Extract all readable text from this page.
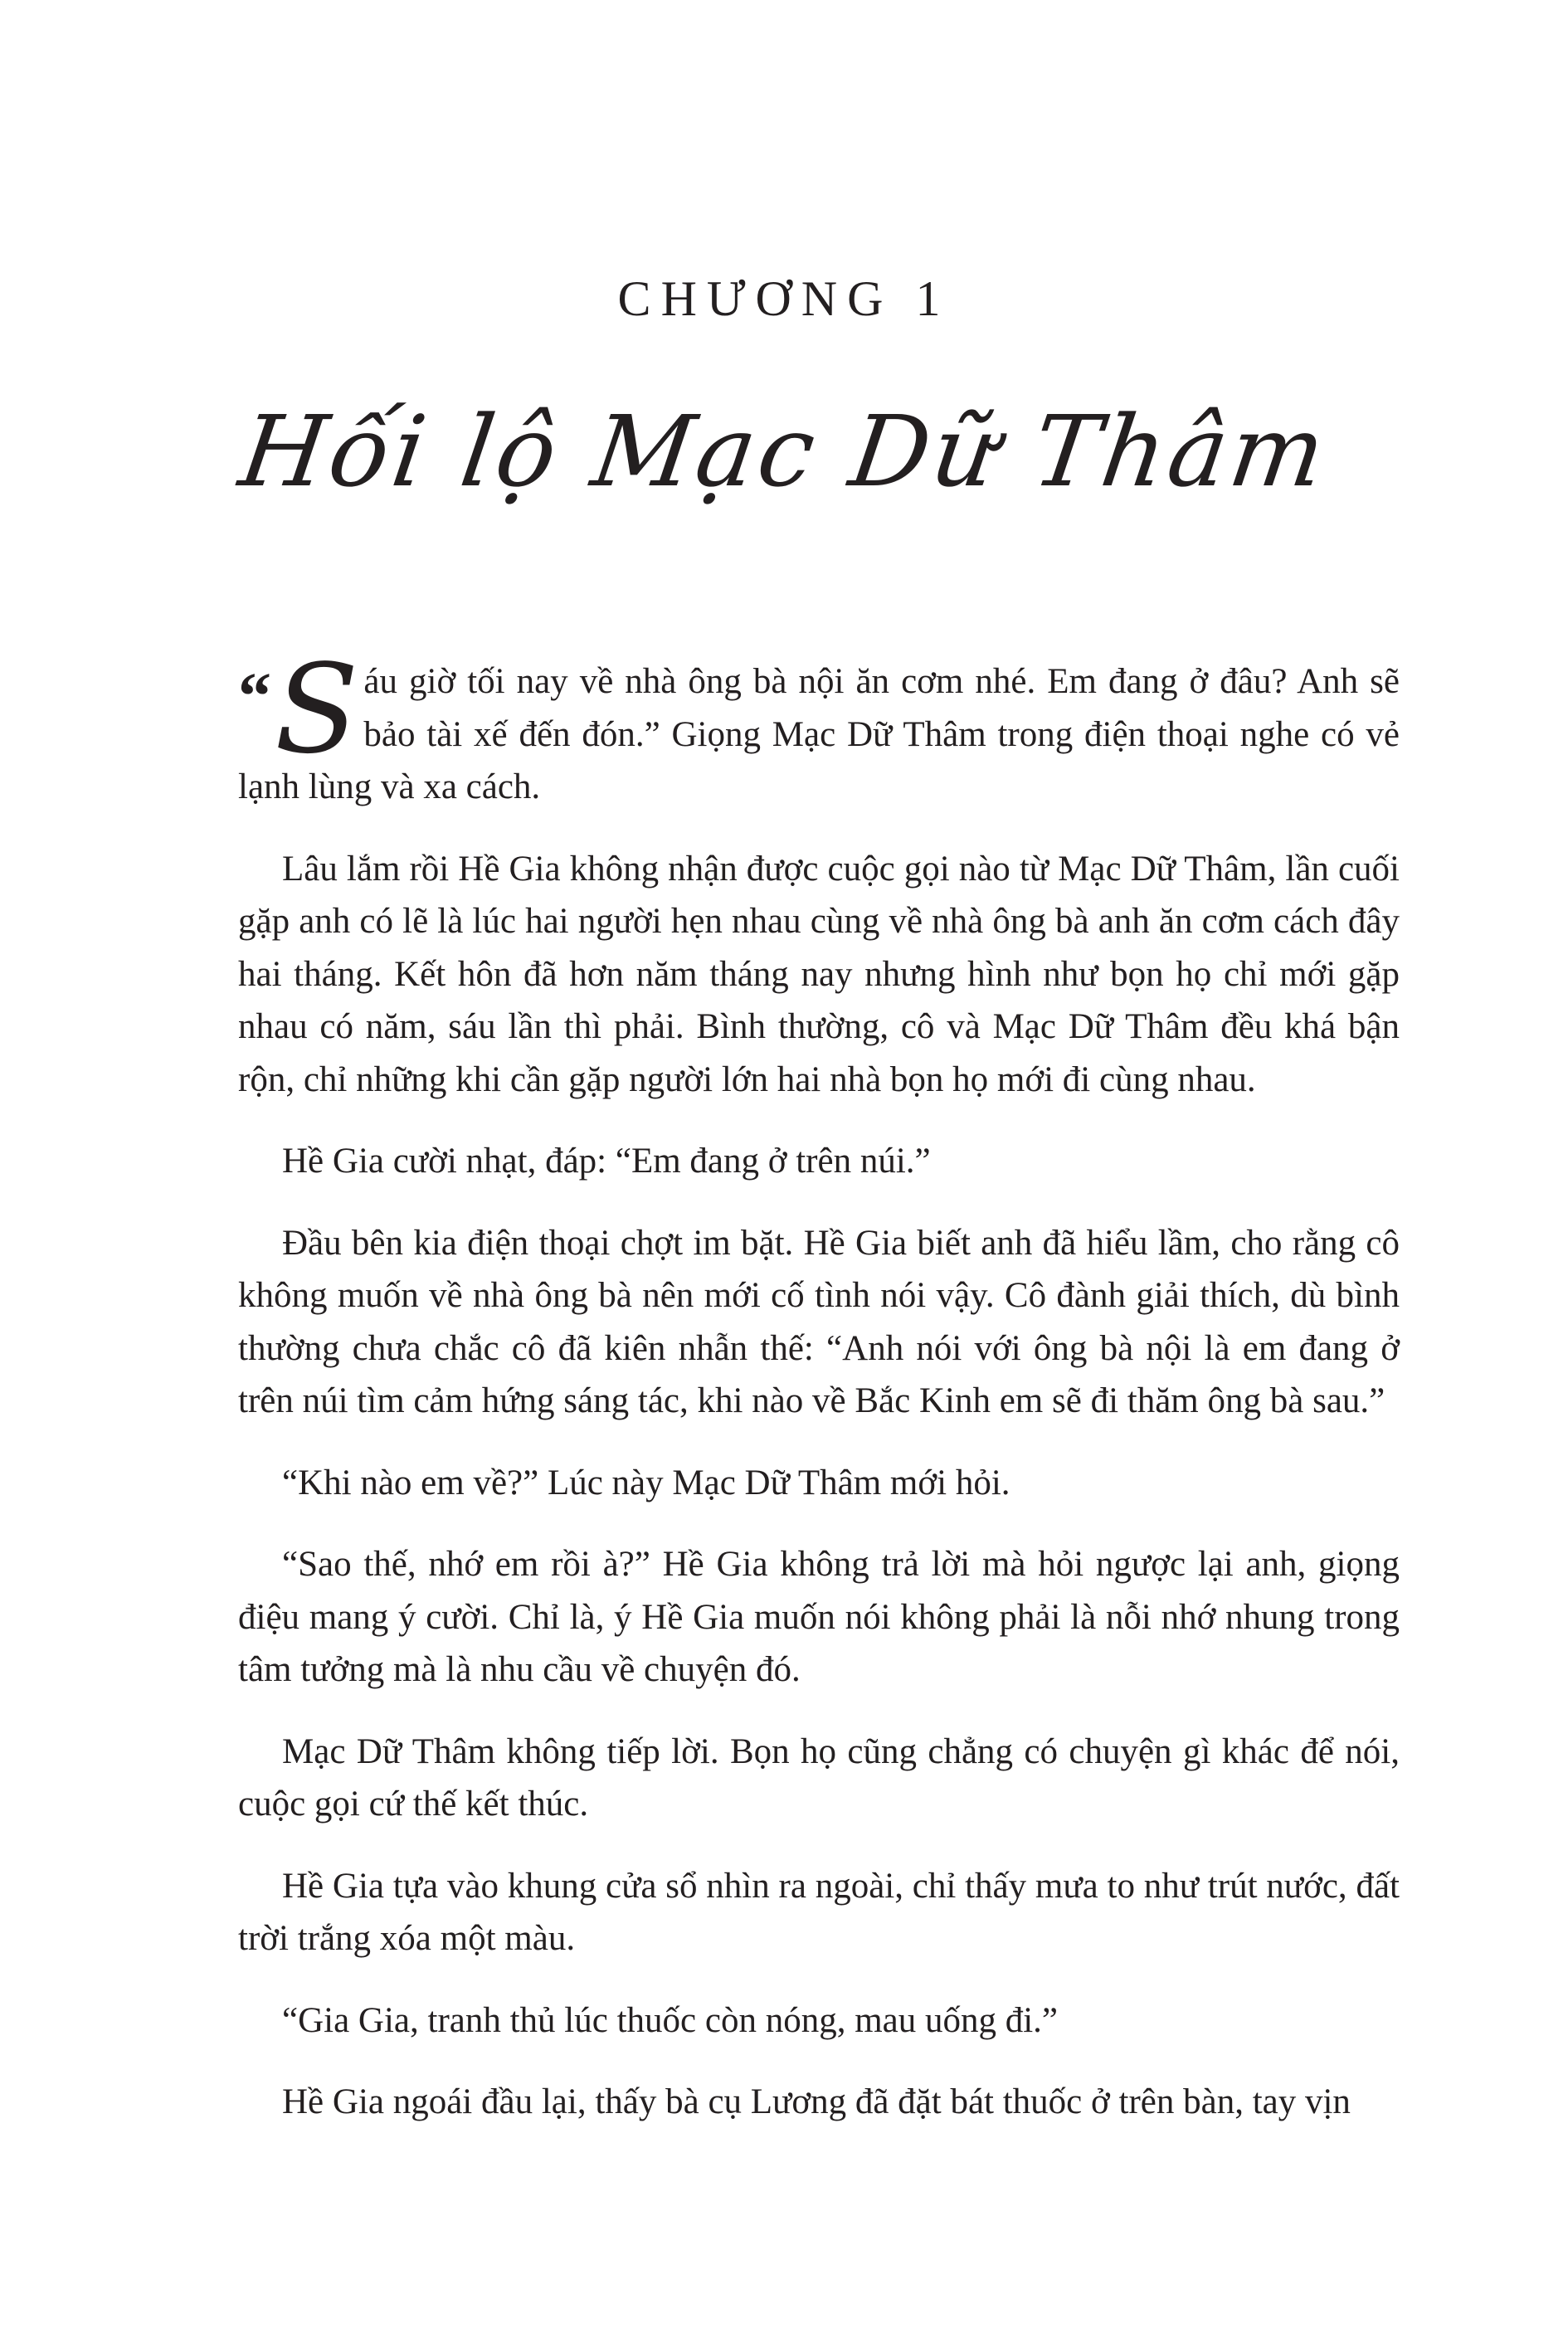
CHƯƠNG 1
Hối lộ Mạc Dữ Thâm

“ S áu giờ tối nay về nhà ông bà nội ăn cơm nhé. Em đang ở đâu? Anh sẽ bảo tài xế đến đón.” Giọng Mạc Dữ Thâm trong điện thoại nghe có vẻ lạnh lùng và xa cách.

Lâu lắm rồi Hề Gia không nhận được cuộc gọi nào từ Mạc Dữ Thâm, lần cuối gặp anh có lẽ là lúc hai người hẹn nhau cùng về nhà ông bà anh ăn cơm cách đây hai tháng. Kết hôn đã hơn năm tháng nay nhưng hình như bọn họ chỉ mới gặp nhau có năm, sáu lần thì phải. Bình thường, cô và Mạc Dữ Thâm đều khá bận rộn, chỉ những khi cần gặp người lớn hai nhà bọn họ mới đi cùng nhau.

Hề Gia cười nhạt, đáp: “Em đang ở trên núi.”

Đầu bên kia điện thoại chợt im bặt. Hề Gia biết anh đã hiểu lầm, cho rằng cô không muốn về nhà ông bà nên mới cố tình nói vậy. Cô đành giải thích, dù bình thường chưa chắc cô đã kiên nhẫn thế: “Anh nói với ông bà nội là em đang ở trên núi tìm cảm hứng sáng tác, khi nào về Bắc Kinh em sẽ đi thăm ông bà sau.”

“Khi nào em về?” Lúc này Mạc Dữ Thâm mới hỏi.

“Sao thế, nhớ em rồi à?” Hề Gia không trả lời mà hỏi ngược lại anh, giọng điệu mang ý cười. Chỉ là, ý Hề Gia muốn nói không phải là nỗi nhớ nhung trong tâm tưởng mà là nhu cầu về chuyện đó.

Mạc Dữ Thâm không tiếp lời. Bọn họ cũng chẳng có chuyện gì khác để nói, cuộc gọi cứ thế kết thúc.

Hề Gia tựa vào khung cửa sổ nhìn ra ngoài, chỉ thấy mưa to như trút nước, đất trời trắng xóa một màu.

“Gia Gia, tranh thủ lúc thuốc còn nóng, mau uống đi.”

Hề Gia ngoái đầu lại, thấy bà cụ Lương đã đặt bát thuốc ở trên bàn, tay vịn
